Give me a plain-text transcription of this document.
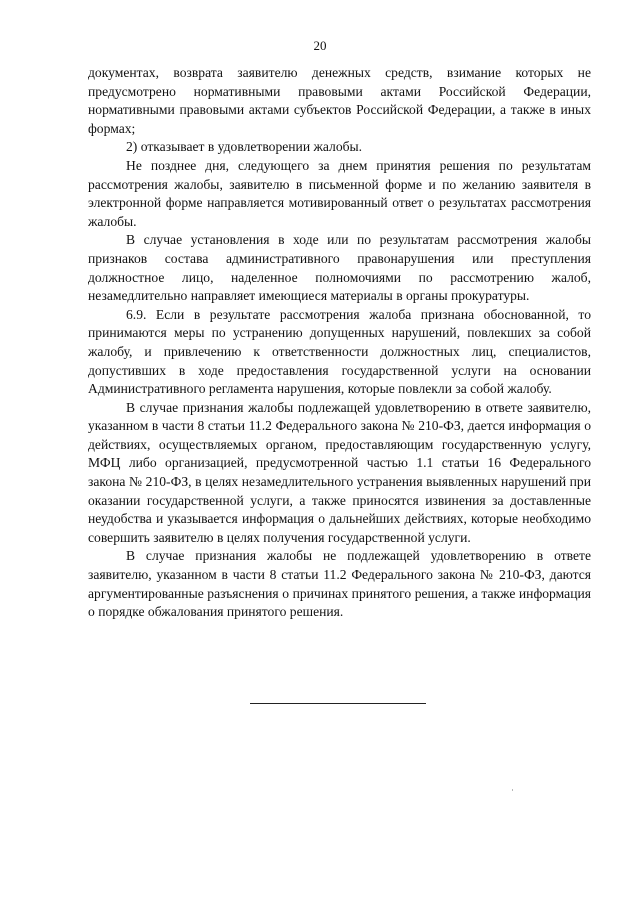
20

документах, возврата заявителю денежных средств, взимание которых не предусмотрено нормативными правовыми актами Российской Федерации, нормативными правовыми актами субъектов Российской Федерации, а также в иных формах;

2) отказывает в удовлетворении жалобы.

Не позднее дня, следующего за днем принятия решения по результатам рассмотрения жалобы, заявителю в письменной форме и по желанию заявителя в электронной форме направляется мотивированный ответ о результатах рассмотрения жалобы.

В случае установления в ходе или по результатам рассмотрения жалобы признаков состава административного правонарушения или преступления должностное лицо, наделенное полномочиями по рассмотрению жалоб, незамедлительно направляет имеющиеся материалы в органы прокуратуры.

6.9. Если в результате рассмотрения жалоба признана обоснованной, то принимаются меры по устранению допущенных нарушений, повлекших за собой жалобу, и привлечению к ответственности должностных лиц, специалистов, допустивших в ходе предоставления государственной услуги на основании Административного регламента нарушения, которые повлекли за собой жалобу.

В случае признания жалобы подлежащей удовлетворению в ответе заявителю, указанном в части 8 статьи 11.2 Федерального закона № 210-ФЗ, дается информация о действиях, осуществляемых органом, предоставляющим государственную услугу, МФЦ либо организацией, предусмотренной частью 1.1 статьи 16 Федерального закона № 210-ФЗ, в целях незамедлительного устранения выявленных нарушений при оказании государственной услуги, а также приносятся извинения за доставленные неудобства и указывается информация о дальнейших действиях, которые необходимо совершить заявителю в целях получения государственной услуги.

В случае признания жалобы не подлежащей удовлетворению в ответе заявителю, указанном в части 8 статьи 11.2 Федерального закона № 210-ФЗ, даются аргументированные разъяснения о причинах принятого решения, а также информация о порядке обжалования принятого решения.
